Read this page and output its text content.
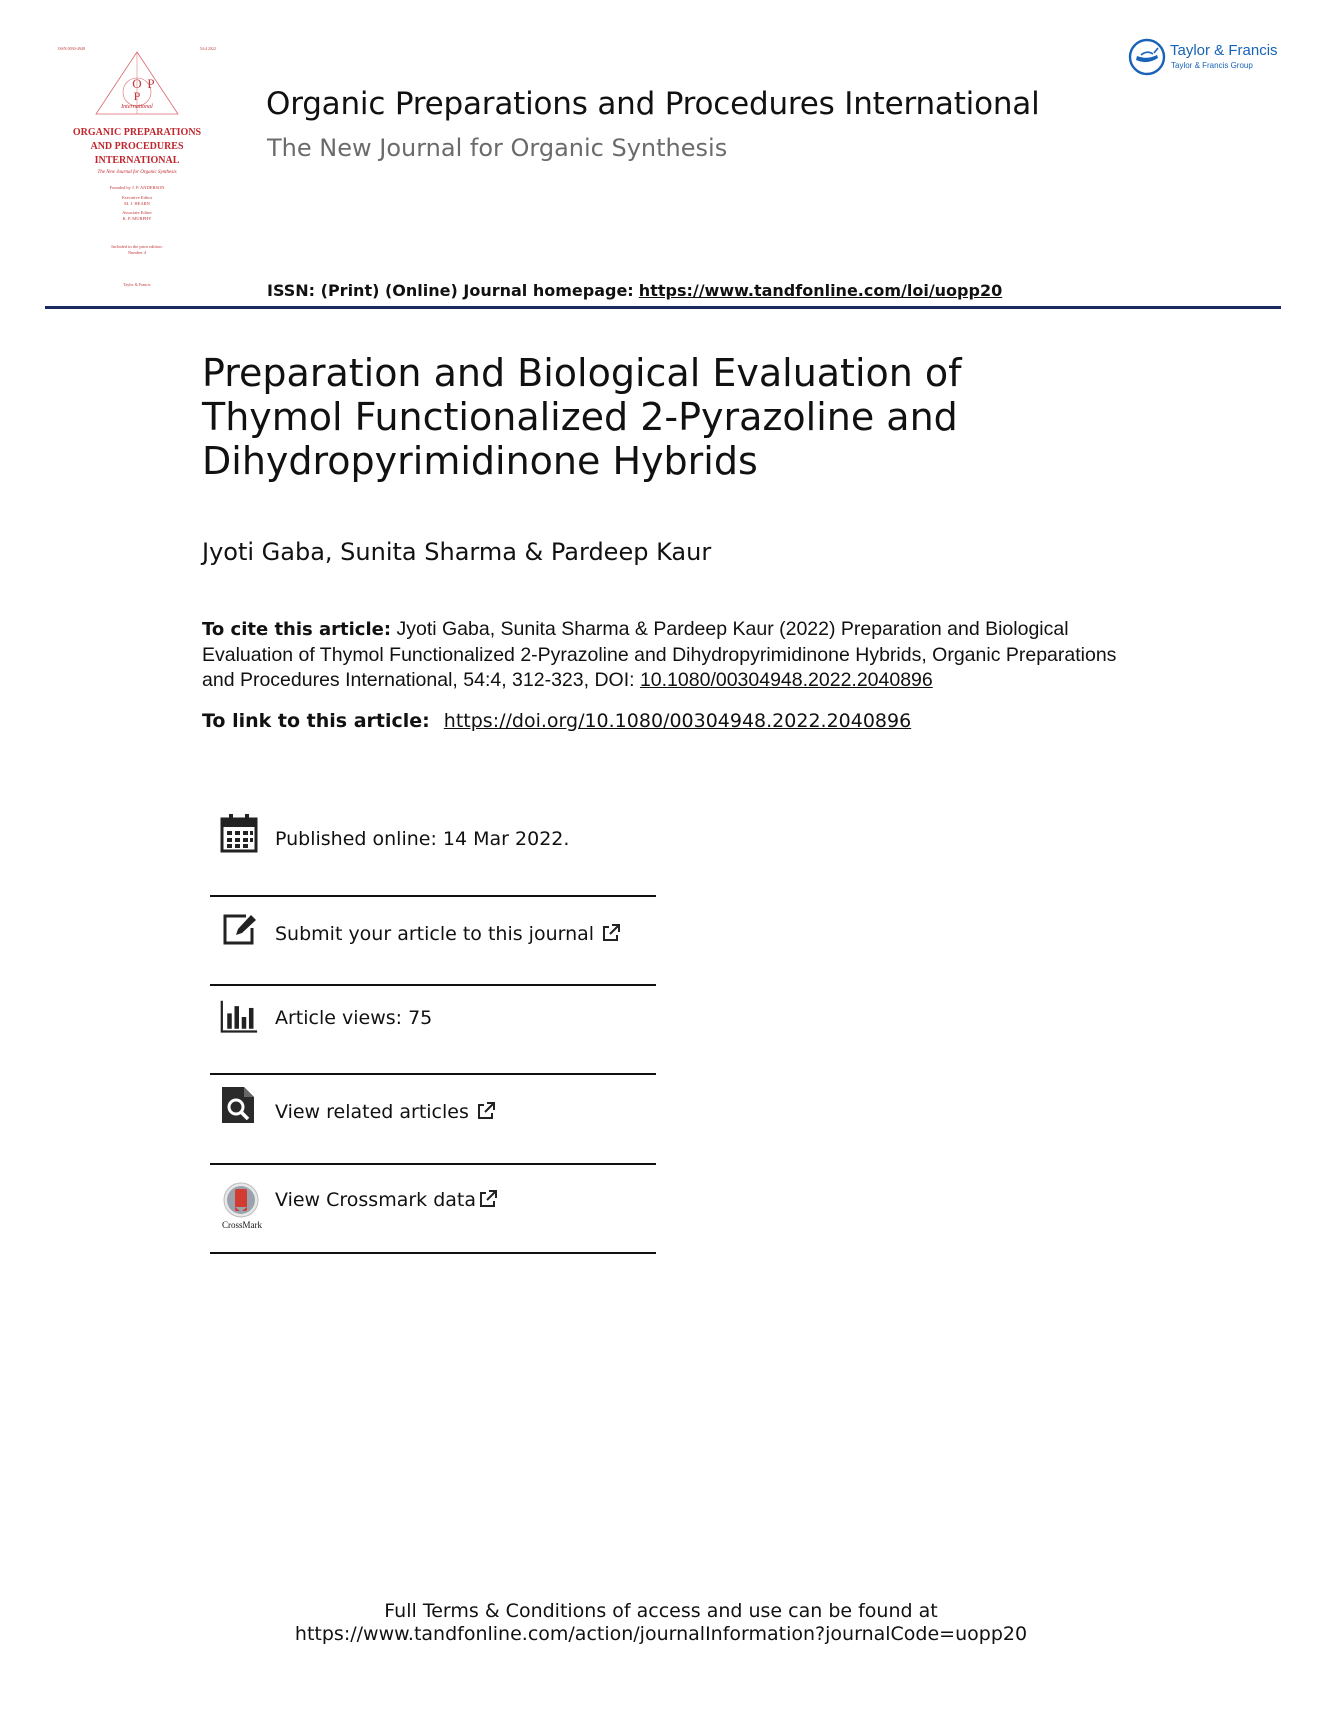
ISSN 0030-4948	54:4 2022
O P
P
International
ORGANIC PREPARATIONS
AND PROCEDURES
INTERNATIONAL
The New Journal for Organic Synthesis
Founded by J. P. ANDERSON
Executive Editor
M. J. HEARN
Associate Editor
K. P. MURPHY
Included in the print edition:
Number 4
Taylor & Francis
Organic Preparations and Procedures International
The New Journal for Organic Synthesis
Taylor & Francis
Taylor & Francis Group
ISSN: (Print) (Online) Journal homepage: https://www.tandfonline.com/loi/uopp20
Preparation and Biological Evaluation of Thymol Functionalized 2-Pyrazoline and Dihydropyrimidinone Hybrids
Jyoti Gaba, Sunita Sharma & Pardeep Kaur
To cite this article: Jyoti Gaba, Sunita Sharma & Pardeep Kaur (2022) Preparation and Biological Evaluation of Thymol Functionalized 2-Pyrazoline and Dihydropyrimidinone Hybrids, Organic Preparations and Procedures International, 54:4, 312-323, DOI: 10.1080/00304948.2022.2040896
To link to this article: https://doi.org/10.1080/00304948.2022.2040896
Published online: 14 Mar 2022.
Submit your article to this journal
Article views: 75
View related articles
CrossMark
View Crossmark data
Full Terms & Conditions of access and use can be found at
https://www.tandfonline.com/action/journalInformation?journalCode=uopp20
